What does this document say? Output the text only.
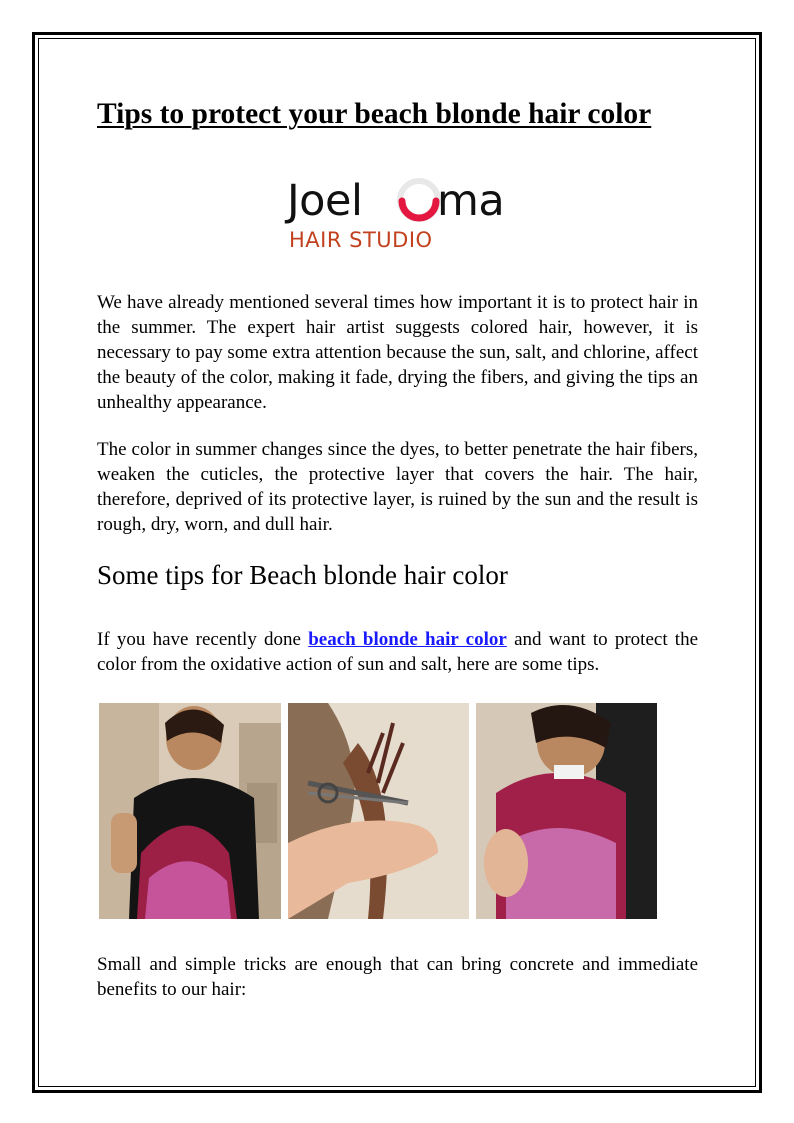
Tips to protect your beach blonde hair color
Joel ma
HAIR STUDIO

We have already mentioned several times how important it is to protect hair in the summer. The expert hair artist suggests colored hair, however, it is necessary to pay some extra attention because the sun, salt, and chlorine, affect the beauty of the color, making it fade, drying the fibers, and giving the tips an unhealthy appearance.

The color in summer changes since the dyes, to better penetrate the hair fibers, weaken the cuticles, the protective layer that covers the hair. The hair, therefore, deprived of its protective layer, is ruined by the sun and the result is rough, dry, worn, and dull hair.

Some tips for Beach blonde hair color

If you have recently done beach blonde hair color and want to protect the color from the oxidative action of sun and salt, here are some tips.

Small and simple tricks are enough that can bring concrete and immediate benefits to our hair:
